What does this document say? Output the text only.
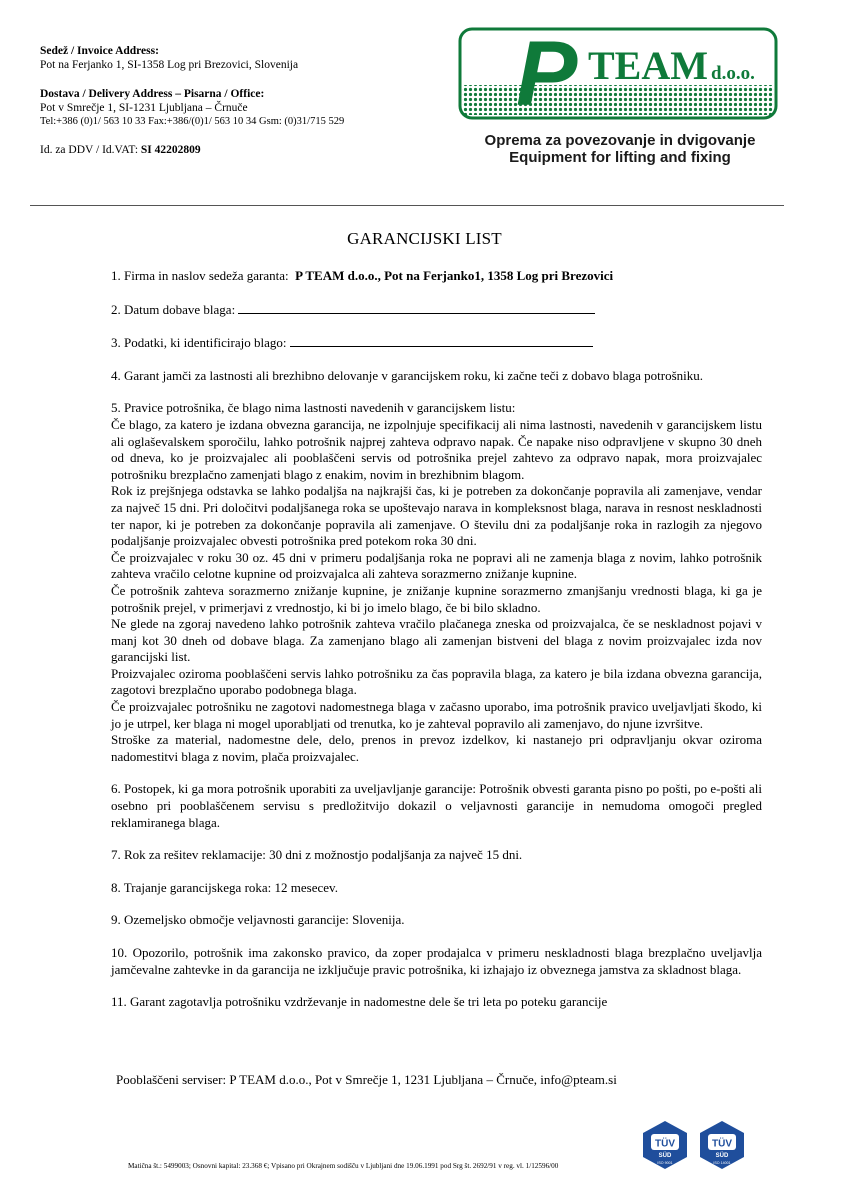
Sedež / Invoice Address:
Pot na Ferjanko 1, SI-1358 Log pri Brezovici, Slovenija
Dostava / Delivery Address – Pisarna / Office:
Pot v Smrečje 1, SI-1231 Ljubljana – Črnuče
Tel:+386 (0)1/ 563 10 33 Fax:+386/(0)1/ 563 10 34 Gsm: (0)31/715 529
Id. za DDV / Id.VAT: SI 42202809
P TEAM d.o.o.
Oprema za povezovanje in dvigovanje
Equipment for lifting and fixing
GARANCIJSKI LIST

1. Firma in naslov sedeža garanta: P TEAM d.o.o., Pot na Ferjanko1, 1358 Log pri Brezovici

2. Datum dobave blaga:

3. Podatki, ki identificirajo blago:

4. Garant jamči za lastnosti ali brezhibno delovanje v garancijskem roku, ki začne teči z dobavo blaga potrošniku.

5. Pravice potrošnika, če blago nima lastnosti navedenih v garancijskem listu:

Če blago, za katero je izdana obvezna garancija, ne izpolnjuje specifikacij ali nima lastnosti, navedenih v garancijskem listu ali oglaševalskem sporočilu, lahko potrošnik najprej zahteva odpravo napak. Če napake niso odpravljene v skupno 30 dneh od dneva, ko je proizvajalec ali pooblaščeni servis od potrošnika prejel zahtevo za odpravo napak, mora proizvajalec potrošniku brezplačno zamenjati blago z enakim, novim in brezhibnim blagom.

Rok iz prejšnjega odstavka se lahko podaljša na najkrajši čas, ki je potreben za dokončanje popravila ali zamenjave, vendar za največ 15 dni. Pri določitvi podaljšanega roka se upoštevajo narava in kompleksnost blaga, narava in resnost neskladnosti ter napor, ki je potreben za dokončanje popravila ali zamenjave. O številu dni za podaljšanje roka in razlogih za njegovo podaljšanje proizvajalec obvesti potrošnika pred potekom roka 30 dni.

Če proizvajalec v roku 30 oz. 45 dni v primeru podaljšanja roka ne popravi ali ne zamenja blaga z novim, lahko potrošnik zahteva vračilo celotne kupnine od proizvajalca ali zahteva sorazmerno znižanje kupnine.

Če potrošnik zahteva sorazmerno znižanje kupnine, je znižanje kupnine sorazmerno zmanjšanju vrednosti blaga, ki ga je potrošnik prejel, v primerjavi z vrednostjo, ki bi jo imelo blago, če bi bilo skladno.

Ne glede na zgoraj navedeno lahko potrošnik zahteva vračilo plačanega zneska od proizvajalca, če se neskladnost pojavi v manj kot 30 dneh od dobave blaga. Za zamenjano blago ali zamenjan bistveni del blaga z novim proizvajalec izda nov garancijski list.

Proizvajalec oziroma pooblaščeni servis lahko potrošniku za čas popravila blaga, za katero je bila izdana obvezna garancija, zagotovi brezplačno uporabo podobnega blaga.

Če proizvajalec potrošniku ne zagotovi nadomestnega blaga v začasno uporabo, ima potrošnik pravico uveljavljati škodo, ki jo je utrpel, ker blaga ni mogel uporabljati od trenutka, ko je zahteval popravilo ali zamenjavo, do njune izvršitve.

Stroške za material, nadomestne dele, delo, prenos in prevoz izdelkov, ki nastanejo pri odpravljanju okvar oziroma nadomestitvi blaga z novim, plača proizvajalec.

6. Postopek, ki ga mora potrošnik uporabiti za uveljavljanje garancije: Potrošnik obvesti garanta pisno po pošti, po e-pošti ali osebno pri pooblaščenem servisu s predložitvijo dokazil o veljavnosti garancije in nemudoma omogoči pregled reklamiranega blaga.

7. Rok za rešitev reklamacije: 30 dni z možnostjo podaljšanja za največ 15 dni.

8. Trajanje garancijskega roka: 12 mesecev.

9. Ozemeljsko območje veljavnosti garancije: Slovenija.

10. Opozorilo, potrošnik ima zakonsko pravico, da zoper prodajalca v primeru neskladnosti blaga brezplačno uveljavlja jamčevalne zahtevke in da garancija ne izključuje pravic potrošnika, ki izhajajo iz obveznega jamstva za skladnost blaga.

11. Garant zagotavlja potrošniku vzdrževanje in nadomestne dele še tri leta po poteku garancije

Pooblaščeni serviser: P TEAM d.o.o., Pot v Smrečje 1, 1231 Ljubljana – Črnuče, info@pteam.si
TÜV
SÜD
ISO 9001
TÜV
SÜD
ISO 14001
Matična št.: 5499003; Osnovni kapital: 23.368 €; Vpisano pri Okrajnem sodišču v Ljubljani dne 19.06.1991 pod Srg št. 2692/91 v reg. vl. 1/12596/00
